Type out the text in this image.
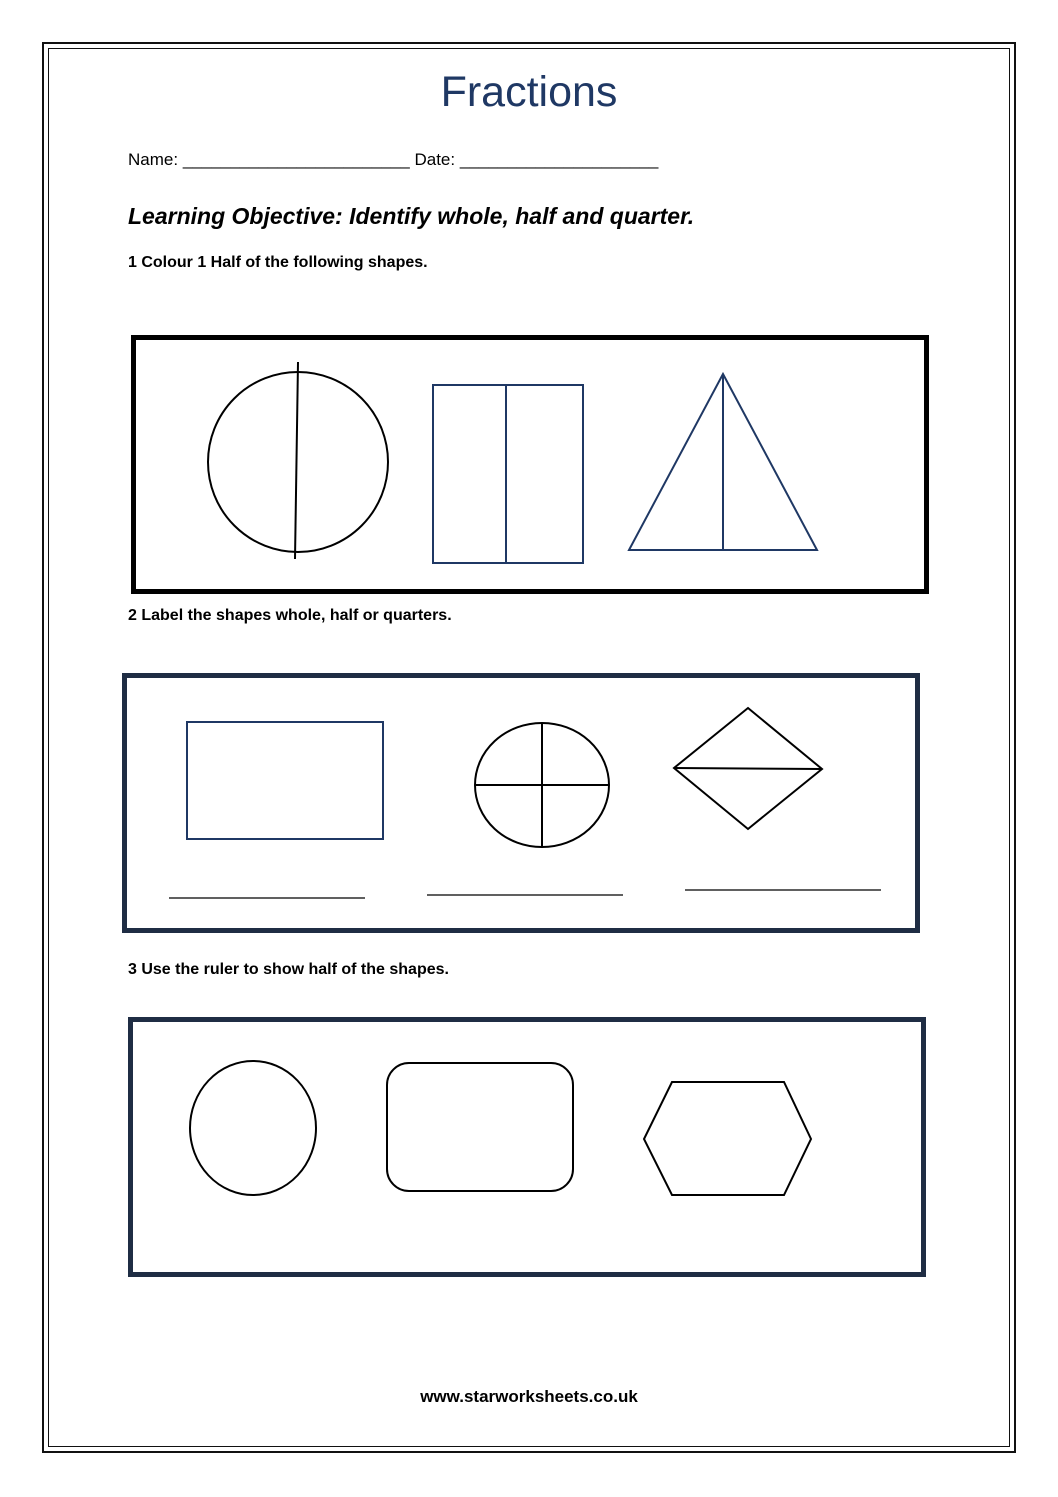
Fractions
Name: ________________________ Date: _____________________
Learning Objective: Identify whole, half and quarter.
1 Colour 1 Half of the following shapes.
2 Label the shapes whole, half or quarters.
3 Use the ruler to show half of the shapes.
www.starworksheets.co.uk
